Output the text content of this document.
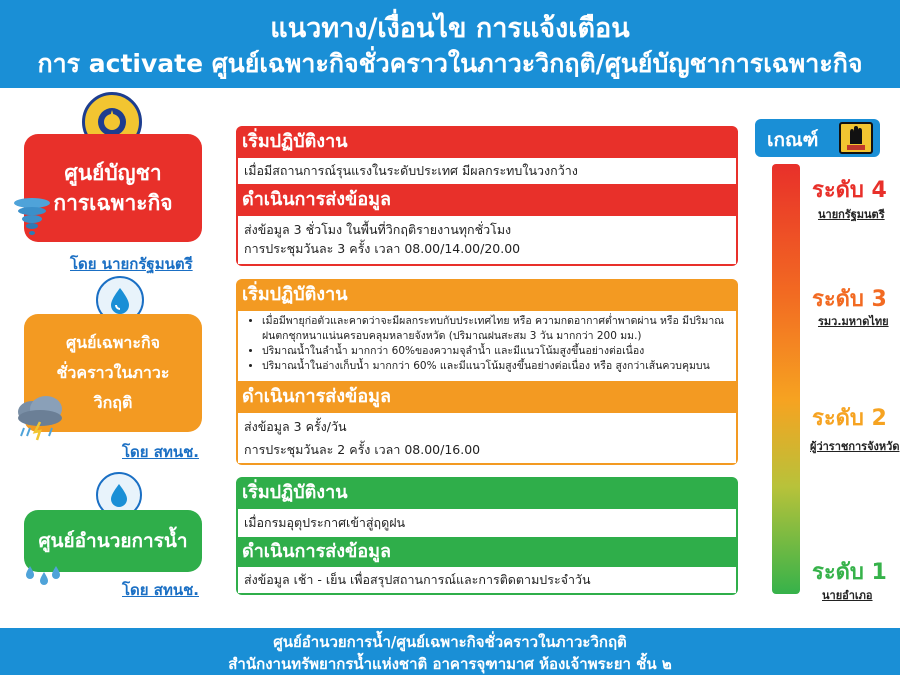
แนวทาง/เงื่อนไข การแจ้งเตือน
การ activate ศูนย์เฉพาะกิจชั่วคราวในภาวะวิกฤติ/ศูนย์บัญชาการเฉพาะกิจ
ศูนย์บัญชา
การเฉพาะกิจ
โดย นายกรัฐมนตรี
เริ่มปฏิบัติงาน
เมื่อมีสถานการณ์รุนแรงในระดับประเทศ มีผลกระทบในวงกว้าง
ดำเนินการส่งข้อมูล
ส่งข้อมูล 3 ชั่วโมง ในพื้นที่วิกฤติรายงานทุกชั่วโมง
การประชุมวันละ 3 ครั้ง เวลา 08.00/14.00/20.00
ศูนย์เฉพาะกิจ
ชั่วคราวในภาวะ
วิกฤติ
โดย สทนช.
เริ่มปฏิบัติงาน
• เมื่อมีพายุก่อตัวและคาดว่าจะมีผลกระทบกับประเทศไทย หรือ ความกดอากาศต่ำพาดผ่าน หรือ มีปริมาณฝนตกชุกหนาแน่นครอบคลุมหลายจังหวัด (ปริมาณฝนสะสม 3 วัน มากกว่า 200 มม.)
• ปริมาณน้ำในลำน้ำ มากกว่า 60%ของความจุลำน้ำ และมีแนวโน้มสูงขึ้นอย่างต่อเนื่อง
• ปริมาณน้ำในอ่างเก็บน้ำ มากกว่า 60% และมีแนวโน้มสูงขึ้นอย่างต่อเนื่อง หรือ สูงกว่าเส้นควบคุมบน
ดำเนินการส่งข้อมูล
ส่งข้อมูล 3 ครั้ง/วัน
การประชุมวันละ 2 ครั้ง เวลา 08.00/16.00
ศูนย์อำนวยการน้ำ
โดย สทนช.
เริ่มปฏิบัติงาน
เมื่อกรมอุตุประกาศเข้าสู่ฤดูฝน
ดำเนินการส่งข้อมูล
ส่งข้อมูล เช้า - เย็น เพื่อสรุปสถานการณ์และการติดตามประจำวัน
เกณฑ์
ระดับ 4
นายกรัฐมนตรี
ระดับ 3
รมว.มหาดไทย
ระดับ 2
ผู้ว่าราชการจังหวัด
ระดับ 1
นายอำเภอ
ศูนย์อำนวยการน้ำ/ศูนย์เฉพาะกิจชั่วคราวในภาวะวิกฤติ
สำนักงานทรัพยากรน้ำแห่งชาติ อาคารจุฑามาศ ห้องเจ้าพระยา ชั้น ๒
